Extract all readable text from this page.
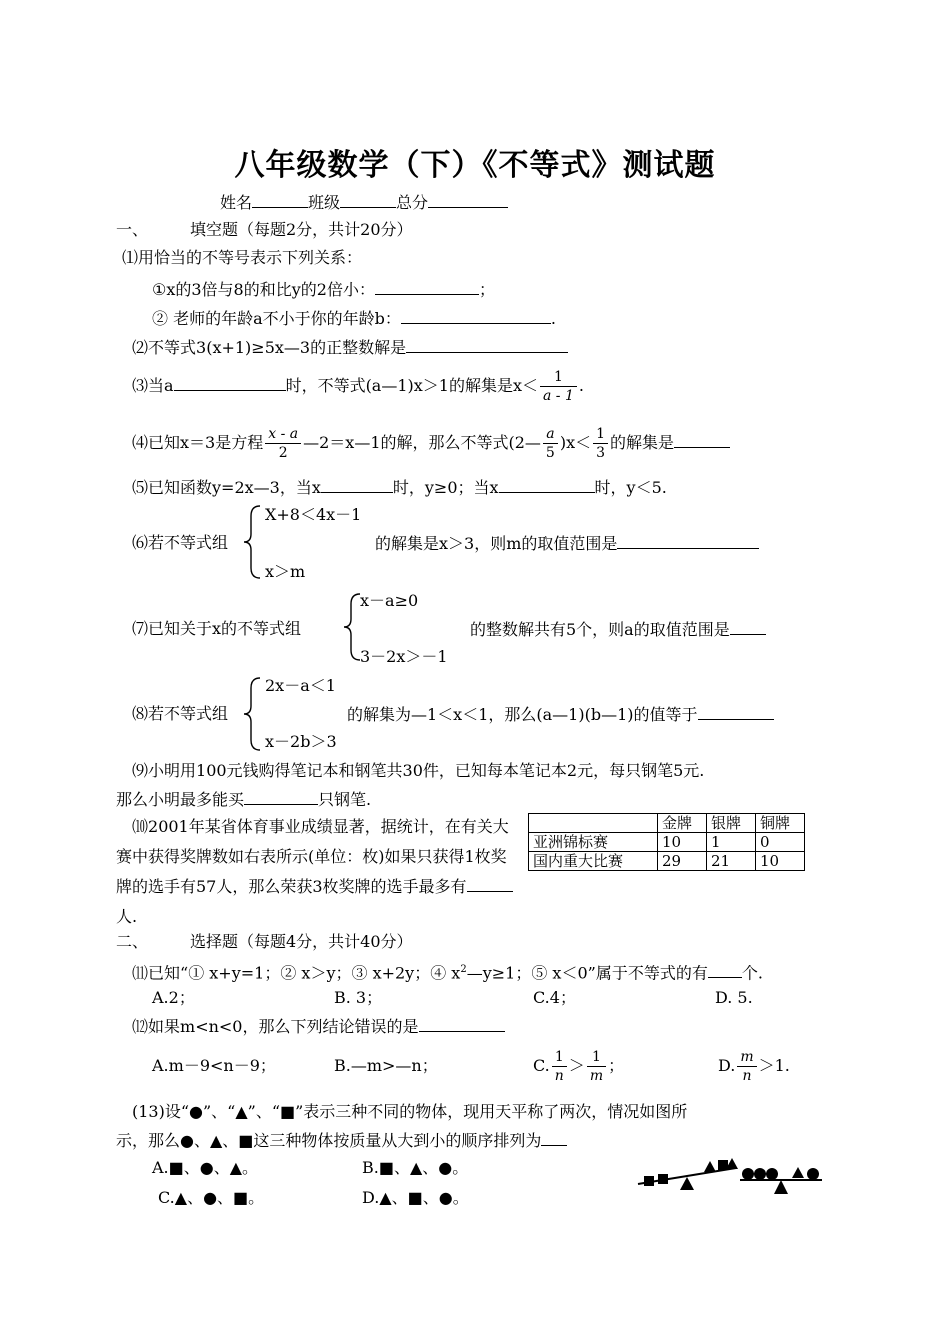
八年级数学（下）《不等式》测试题
姓名	班级	总分
一、	填空题（每题2分，共计20分）
⑴用恰当的不等号表示下列关系：
①x的3倍与8的和比y的2倍小：	；
② 老师的年龄a不小于你的年龄b：	.
⑵不等式3(x+1)≥5x—3的正整数解是
⑶当a	时，不等式(a—1)x＞1的解集是$x< \frac{1}{a - 1}$ .
⑷已知x＝3是方程 $\frac{x - a}{2}$ —2＝x—1的解，那么不等式(2— $\frac{a}{5} )x< \frac{1}{3}$ 的解集是
⑸已知函数y=2x—3，当x	时，y≥0；当x	时，y＜5.
X+8＜4x－1
⑹若不等式组	的解集是x＞3，则m的取值范围是
x＞m
x－a≥0
⑺已知关于x的不等式组	的整数解共有5个，则a的取值范围是
3－2x＞－1
2x－a＜1
⑻若不等式组	的解集为—1＜x＜1，那么(a—1)(b—1)的值等于
x－2b＞3
⑼小明用100元钱购得笔记本和钢笔共30件，已知每本笔记本2元，每只钢笔5元.
那么小明最多能买	只钢笔.
⑽2001年某省体育事业成绩显著，据统计，在有关大赛中获得奖牌数如右表所示(单位：枚)如果只获得1枚奖牌的选手有57人，那么荣获3枚奖牌的选手最多有人.
	金牌	银牌	铜牌
亚洲锦标赛	10	1	0
国内重大比赛	29	21	10
二、	选择题（每题4分，共计40分）
⑾已知“① x+y=1；② x＞y；③ x+2y；④ $x^2—y\ge 1$；⑤ x＜0”属于不等式的有 个.
A.2；	B. 3；	C.4；	D. 5.
⑿如果m<n<0，那么下列结论错误的是
A.m－9<n－9；	B.—m>—n；	C. $\frac{1}{n} > \frac{1}{m}$ ；	D. $\frac{m}{n} >1$.
(13)设“●”、“▲”、“■”表示三种不同的物体，现用天平称了两次，情况如图所
示，那么●、▲、■这三种物体按质量从大到小的顺序排列为
A.■、●、▲。	B.■、▲、●。
C.▲、●、■。	D.▲、■、●。
